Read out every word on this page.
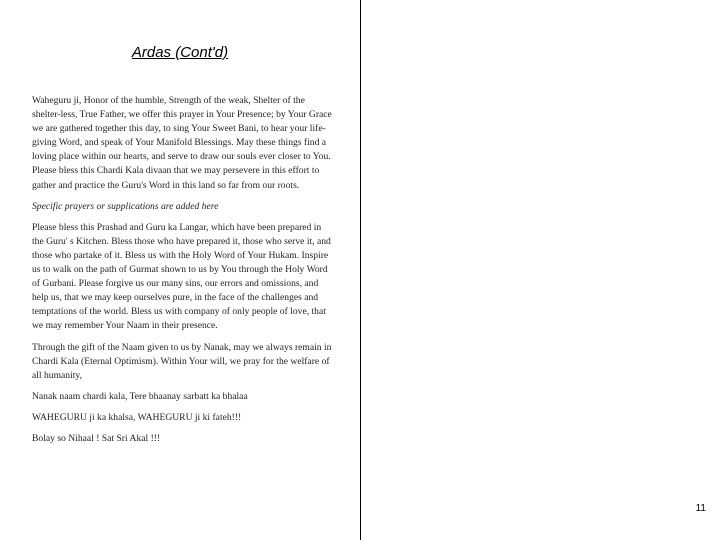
Ardas (Cont'd)

Waheguru ji, Honor of the humble, Strength of the weak, Shelter of the shelter-less, True Father, we offer this prayer in Your Presence; by Your Grace we are gathered together this day, to sing Your Sweet Bani, to hear your life-giving Word, and speak of Your Manifold Blessings. May these things find a loving place within our hearts, and serve to draw our souls ever closer to You. Please bless this Chardi Kala divaan that we may persevere in this effort to gather and practice the Guru's Word in this land so far from our roots.

Specific prayers or supplications are added here

Please bless this Prashad and Guru ka Langar, which have been prepared in the Guru' s Kitchen. Bless those who have prepared it, those who serve it, and those who partake of it. Bless us with the Holy Word of Your Hukam. Inspire us to walk on the path of Gurmat shown to us by You through the Holy Word of Gurbani. Please forgive us our many sins, our errors and omissions, and help us, that we may keep ourselves pure, in the face of the challenges and temptations of the world. Bless us with company of only people of love, that we may remember Your Naam in their presence.

Through the gift of the Naam given to us by Nanak, may we always remain in Chardi Kala (Eternal Optimism). Within Your will, we pray for the welfare of all humanity,

Nanak naam chardi kala, Tere bhaanay sarbatt ka bhalaa

WAHEGURU ji ka khalsa, WAHEGURU ji ki fateh!!!

Bolay so Nihaal ! Sat Sri Akal !!!

11
